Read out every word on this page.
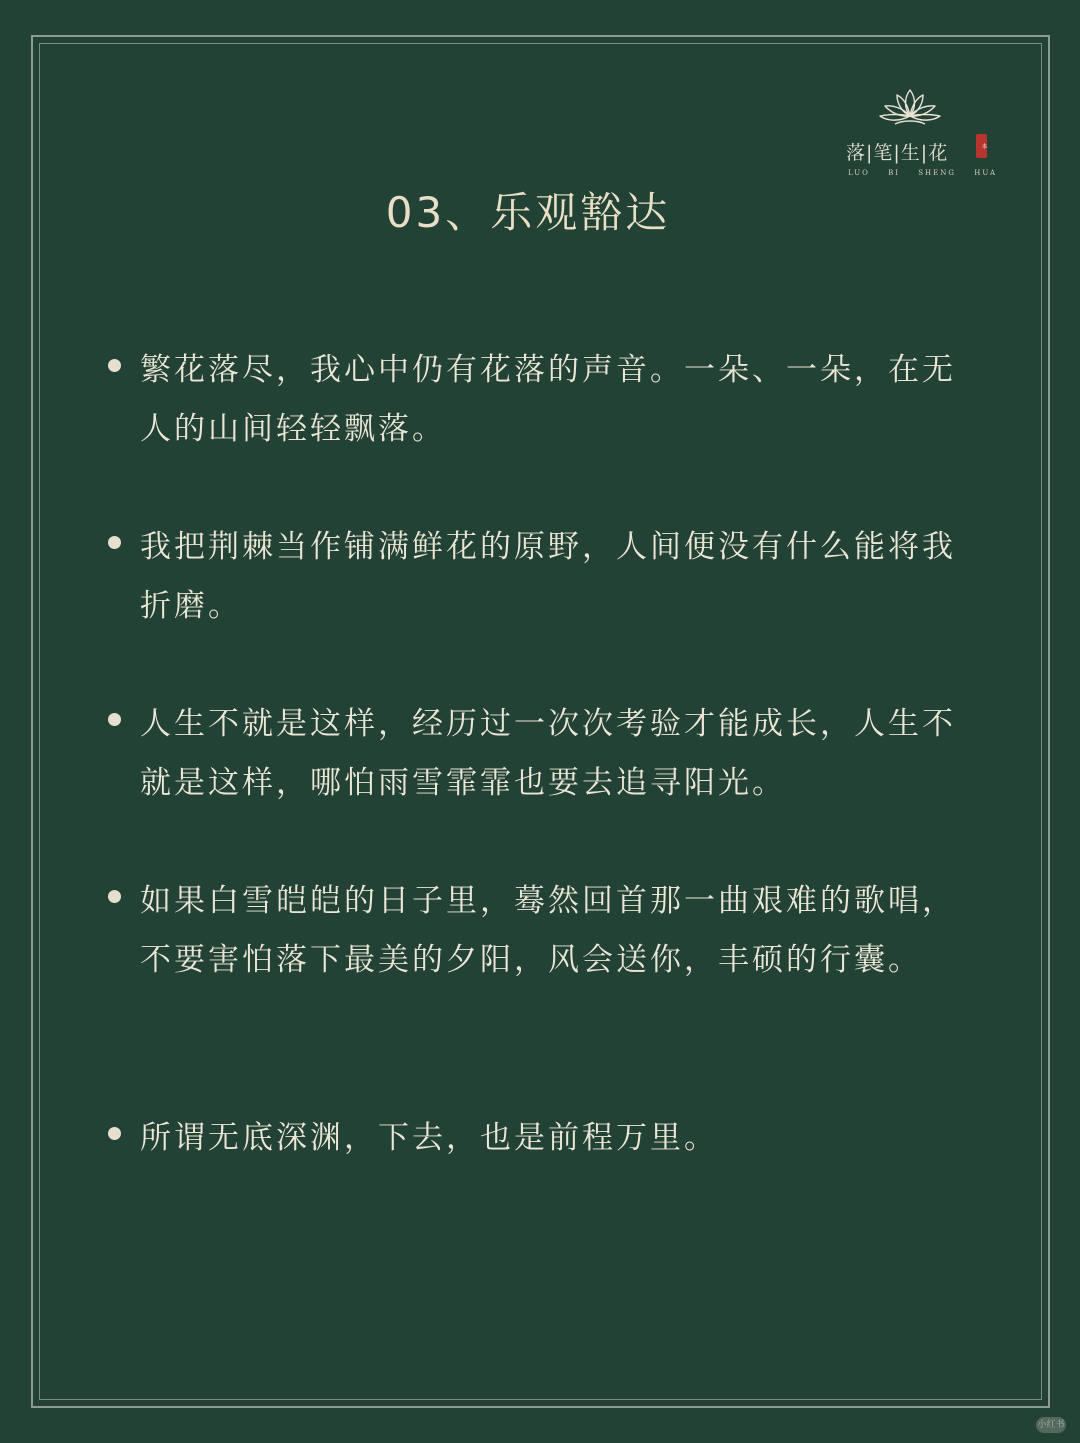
落|笔|生|花	本
LUO BI SHENG HUA
03、乐观豁达
繁花落尽，我心中仍有花落的声音。一朵、一朵，在无人的山间轻轻飘落。
我把荆棘当作铺满鲜花的原野，人间便没有什么能将我折磨。
人生不就是这样，经历过一次次考验才能成长，人生不就是这样，哪怕雨雪霏霏也要去追寻阳光。
如果白雪皑皑的日子里，蓦然回首那一曲艰难的歌唱，不要害怕落下最美的夕阳，风会送你，丰硕的行囊。
所谓无底深渊，下去，也是前程万里。
小红书
